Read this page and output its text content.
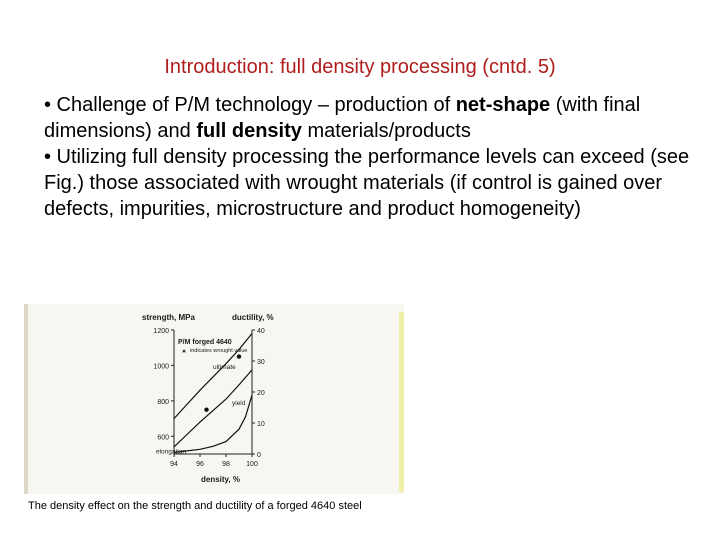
Introduction: full density processing (cntd. 5)
• Challenge of P/M technology – production of net-shape (with final dimensions) and full density materials/products
• Utilizing full density processing the performance levels can exceed (see Fig.) those associated with wrought materials (if control is gained over defects, impurities, microstructure and product homogeneity)
strength, MPa	ductility, %
density, %
94	96	98 100
1200
1000
800
600
40
30
20
10
0
P/M forged 4640
indicates wrought value
ultimate
yield
elongation
The density effect on the strength and ductility of a forged 4640 steel
